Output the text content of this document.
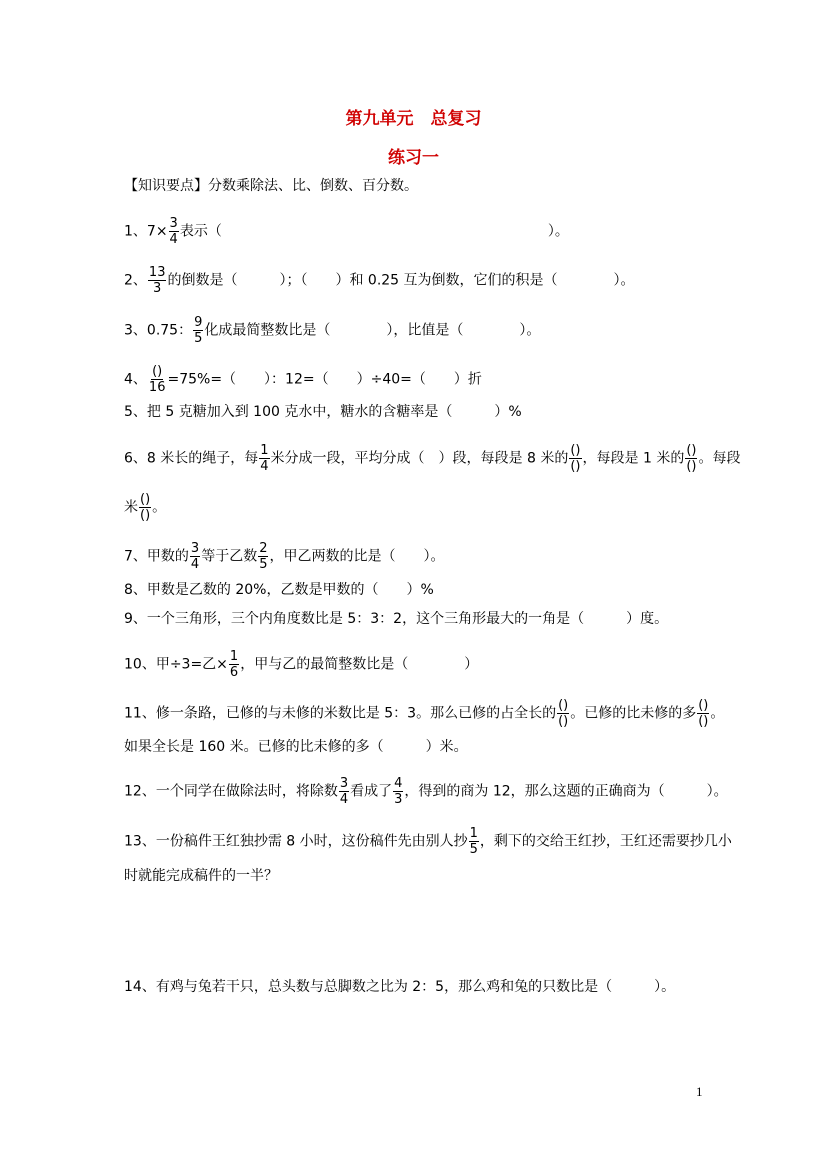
第九单元　总复习
练习一
【知识要点】分数乘除法、比、倒数、百分数。
1、$7\times \frac{3}{4}$ 表示（	）。
2、 $\frac{13}{3}$ 的倒数是（　　　）；（　　）和 0.25 互为倒数，它们的积是（　　　　）。
3、0.75： $\frac{9}{5}$ 化成最简整数比是（　　　　），比值是（　　　　）。
4、 $\frac{()}{16} =75\%=$（　　）：12=（　　）÷40=（　　）折
5、把 5 克糖加入到 100 克水中，糖水的含糖率是（　　　）%
6、8 米长的绳子，每 $\frac{1}{4}$ 米分成一段，平均分成（　）段，每段是 8 米的 $\frac{()}{()}$ ，每段是 1 米的 $\frac{()}{()}$ 。每段
米 $\frac{()}{()}$ 。
7、甲数的 $\frac{3}{4}$ 等于乙数 $\frac{2}{5}$ ，甲乙两数的比是（　　）。
8、甲数是乙数的 20%，乙数是甲数的（　　）%
9、一个三角形，三个内角度数比是 5：3：2，这个三角形最大的一角是（　　　）度。
10、甲÷3=乙× $\frac{1}{6}$ ，甲与乙的最简整数比是（　　　　）
11、修一条路，已修的与未修的米数比是 5：3。那么已修的占全长的 $\frac{()}{()}$ 。已修的比未修的多 $\frac{()}{()}$ 。
如果全长是 160 米。已修的比未修的多（　　　）米。
12、一个同学在做除法时，将除数 $\frac{3}{4}$ 看成了 $\frac{4}{3}$ ，得到的商为 12，那么这题的正确商为（　　　）。
13、一份稿件王红独抄需 8 小时，这份稿件先由别人抄 $\frac{1}{5}$ ，剩下的交给王红抄，王红还需要抄几小
时就能完成稿件的一半？
14、有鸡与兔若干只，总头数与总脚数之比为 2：5，那么鸡和兔的只数比是（　　　）。
1
